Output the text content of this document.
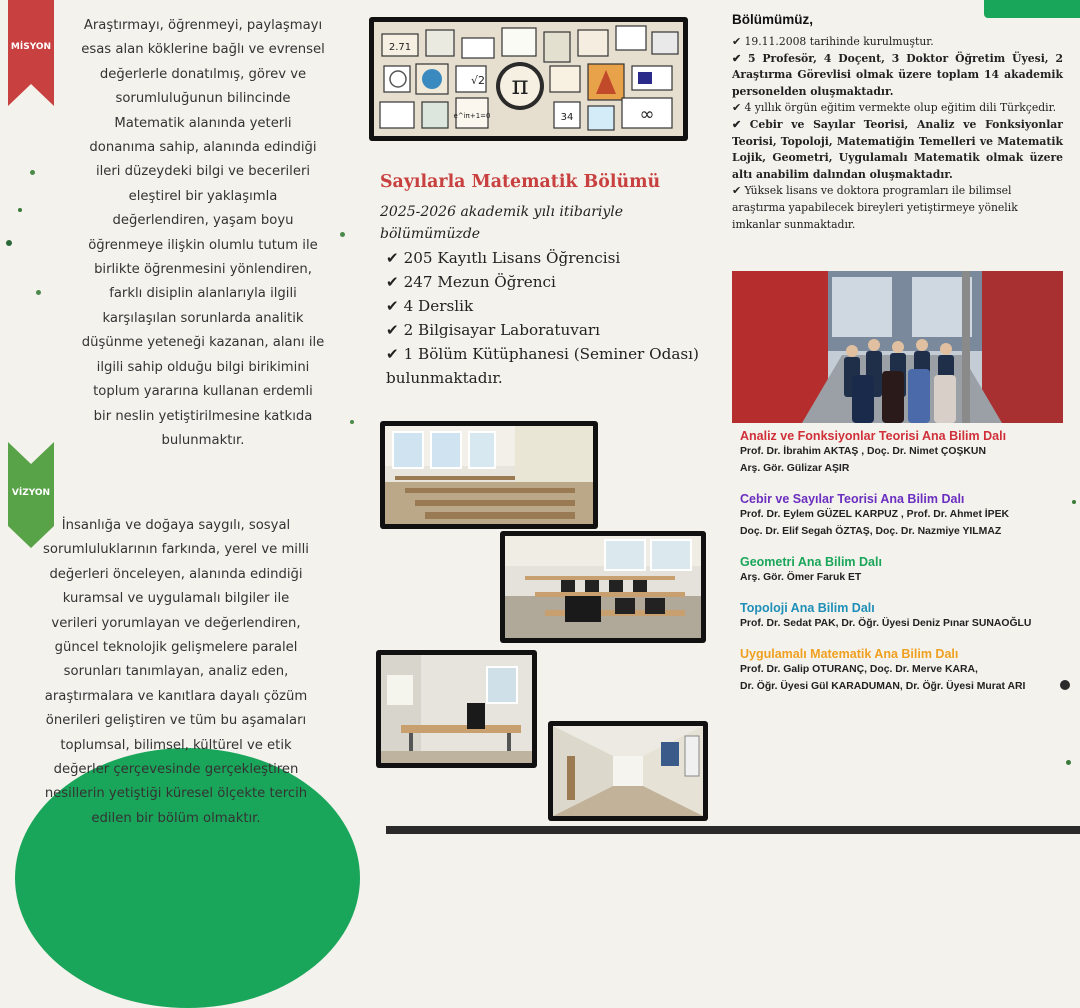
MİSYON
Araştırmayı, öğrenmeyi, paylaşmayı
esas alan köklerine bağlı ve evrensel
değerlerle donatılmış, görev ve
sorumluluğunun bilincinde
Matematik alanında yeterli
donanıma sahip, alanında edindiği
ileri düzeydeki bilgi ve becerileri
eleştirel bir yaklaşımla
değerlendiren, yaşam boyu
öğrenmeye ilişkin olumlu tutum ile
birlikte öğrenmesini yönlendiren,
farklı disiplin alanlarıyla ilgili
karşılaşılan sorunlarda analitik
düşünme yeteneği kazanan, alanı ile
ilgili sahip olduğu bilgi birikimini
toplum yararına kullanan erdemli
bir neslin yetiştirilmesine katkıda
bulunmaktır.
VİZYON
İnsanlığa ve doğaya saygılı, sosyal
sorumluluklarının farkında, yerel ve milli
değerleri önceleyen, alanında edindiği
kuramsal ve uygulamalı bilgiler ile
verileri yorumlayan ve değerlendiren,
güncel teknolojik gelişmelere paralel
sorunları tanımlayan, analiz eden,
araştırmalara ve kanıtlara dayalı çözüm
önerileri geliştiren ve tüm bu aşamaları
toplumsal, bilimsel, kültürel ve etik
değerler çerçevesinde gerçekleştiren
nesillerin yetiştiği küresel ölçekte tercih
edilen bir bölüm olmaktır.
π
2.71
√2
e^iπ+1=0	∞
34
Sayılarla Matematik Bölümü
2025-2026 akademik yılı itibariyle bölümümüzde
✔ 205 Kayıtlı Lisans Öğrencisi
✔ 247 Mezun Öğrenci
✔ 4 Derslik
✔ 2 Bilgisayar Laboratuvarı
✔ 1 Bölüm Kütüphanesi (Seminer Odası)
bulunmaktadır.
Bölümümüz,
✔ 19.11.2008 tarihinde kurulmuştur.
✔ 5 Profesör, 4 Doçent, 3 Doktor Öğretim Üyesi, 2 Araştırma Görevlisi olmak üzere toplam 14 akademik personelden oluşmaktadır.
✔ 4 yıllık örgün eğitim vermekte olup eğitim dili Türkçedir.
✔ Cebir ve Sayılar Teorisi, Analiz ve Fonksiyonlar Teorisi, Topoloji, Matematiğin Temelleri ve Matematik Lojik, Geometri, Uygulamalı Matematik olmak üzere altı anabilim dalından oluşmaktadır.
✔ Yüksek lisans ve doktora programları ile bilimsel araştırma yapabilecek bireyleri yetiştirmeye yönelik imkanlar sunmaktadır.
Analiz ve Fonksiyonlar Teorisi Ana Bilim Dalı
Prof. Dr. İbrahim AKTAŞ , Doç. Dr. Nimet ÇOŞKUN
Arş. Gör. Gülizar AŞIR
Cebir ve Sayılar Teorisi Ana Bilim Dalı
Prof. Dr. Eylem GÜZEL KARPUZ , Prof. Dr. Ahmet İPEK
Doç. Dr. Elif Segah ÖZTAŞ, Doç. Dr. Nazmiye YILMAZ
Geometri Ana Bilim Dalı
Arş. Gör. Ömer Faruk ET
Topoloji Ana Bilim Dalı
Prof. Dr. Sedat PAK, Dr. Öğr. Üyesi Deniz Pınar SUNAOĞLU
Uygulamalı Matematik Ana Bilim Dalı
Prof. Dr. Galip OTURANÇ, Doç. Dr. Merve KARA,
Dr. Öğr. Üyesi Gül KARADUMAN, Dr. Öğr. Üyesi Murat ARI
